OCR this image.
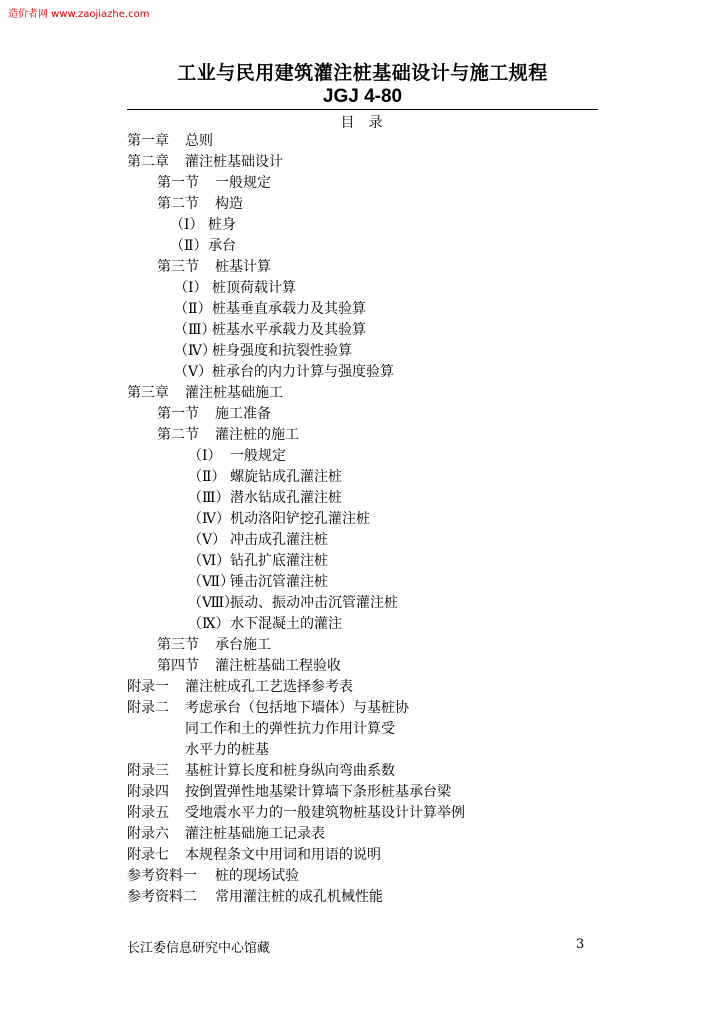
造价者网 www.zaojiazhe.com
工业与民用建筑灌注桩基础设计与施工规程
JGJ 4-80
目 录
第一章 总则
第二章 灌注桩基础设计
第一节 一般规定
第二节 构造
（Ⅰ） 桩身
（Ⅱ）承台
第三节 桩基计算
（Ⅰ） 桩顶荷载计算
（Ⅱ）桩基垂直承载力及其验算
（Ⅲ）桩基水平承载力及其验算
（Ⅳ）桩身强度和抗裂性验算
（Ⅴ）桩承台的内力计算与强度验算
第三章 灌注桩基础施工
第一节 施工准备
第二节 灌注桩的施工
（Ⅰ） 一般规定
（Ⅱ） 螺旋钻成孔灌注桩
（Ⅲ）潜水钻成孔灌注桩
（Ⅳ）机动洛阳铲挖孔灌注桩
（Ⅴ） 冲击成孔灌注桩
（Ⅵ）钻孔扩底灌注桩
（Ⅶ）锤击沉管灌注桩
（Ⅷ）振动、振动冲击沉管灌注桩
（Ⅸ）水下混凝土的灌注
第三节 承台施工
第四节 灌注桩基础工程验收
附录一 灌注桩成孔工艺选择参考表
附录二 考虑承台（包括地下墙体）与基桩协
同工作和土的弹性抗力作用计算受
水平力的桩基
附录三 基桩计算长度和桩身纵向弯曲系数
附录四 按倒置弹性地基梁计算墙下条形桩基承台梁
附录五 受地震水平力的一般建筑物桩基设计计算举例
附录六 灌注桩基础施工记录表
附录七 本规程条文中用词和用语的说明
参考资料一 桩的现场试验
参考资料二 常用灌注桩的成孔机械性能
长江委信息研究中心馆藏	3
